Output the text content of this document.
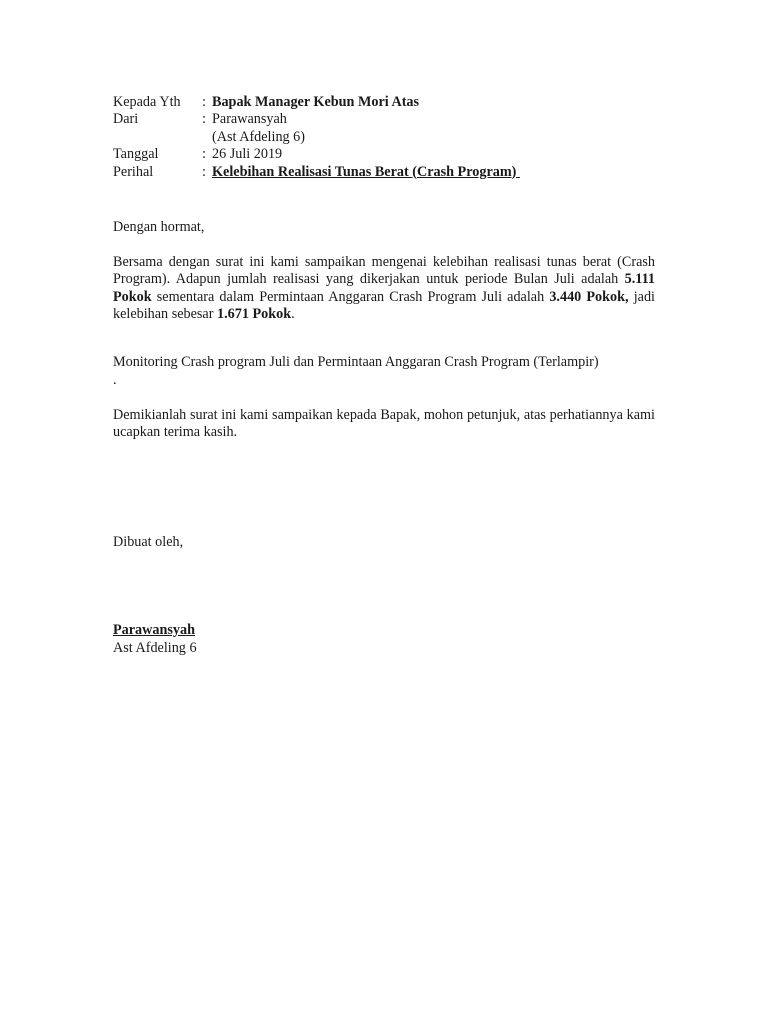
Kepada Yth	: Bapak Manager Kebun Mori Atas
Dari	: Parawansyah
(Ast Afdeling 6)
Tanggal	: 26 Juli 2019
Perihal	: Kelebihan Realisasi Tunas Berat (Crash Program)

Dengan hormat,

Bersama dengan surat ini kami sampaikan mengenai kelebihan realisasi tunas berat (Crash Program). Adapun jumlah realisasi yang dikerjakan untuk periode Bulan Juli adalah 5.111 Pokok sementara dalam Permintaan Anggaran Crash Program Juli adalah 3.440 Pokok, jadi kelebihan sebesar 1.671 Pokok.

Monitoring Crash program Juli dan Permintaan Anggaran Crash Program (Terlampir)

.

Demikianlah surat ini kami sampaikan kepada Bapak, mohon petunjuk, atas perhatiannya kami ucapkan terima kasih.

Dibuat oleh,

Parawansyah

Ast Afdeling 6
